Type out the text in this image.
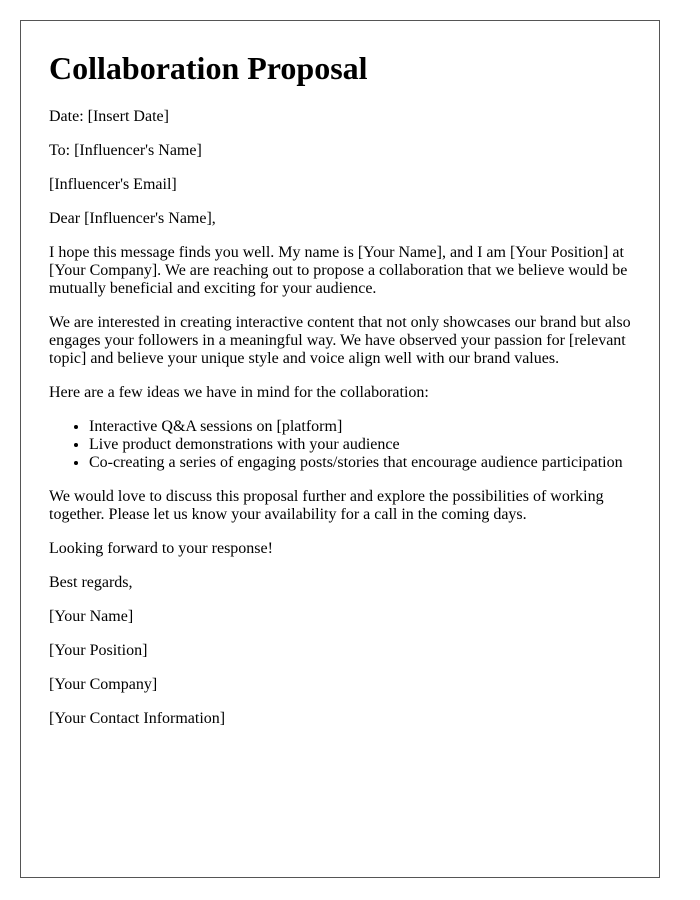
Collaboration Proposal

Date: [Insert Date]

To: [Influencer's Name]

[Influencer's Email]

Dear [Influencer's Name],

I hope this message finds you well. My name is [Your Name], and I am [Your Position] at [Your Company]. We are reaching out to propose a collaboration that we believe would be mutually beneficial and exciting for your audience.

We are interested in creating interactive content that not only showcases our brand but also engages your followers in a meaningful way. We have observed your passion for [relevant topic] and believe your unique style and voice align well with our brand values.

Here are a few ideas we have in mind for the collaboration:

• Interactive Q&A sessions on [platform]
• Live product demonstrations with your audience
• Co-creating a series of engaging posts/stories that encourage audience participation

We would love to discuss this proposal further and explore the possibilities of working together. Please let us know your availability for a call in the coming days.

Looking forward to your response!

Best regards,

[Your Name]

[Your Position]

[Your Company]

[Your Contact Information]
